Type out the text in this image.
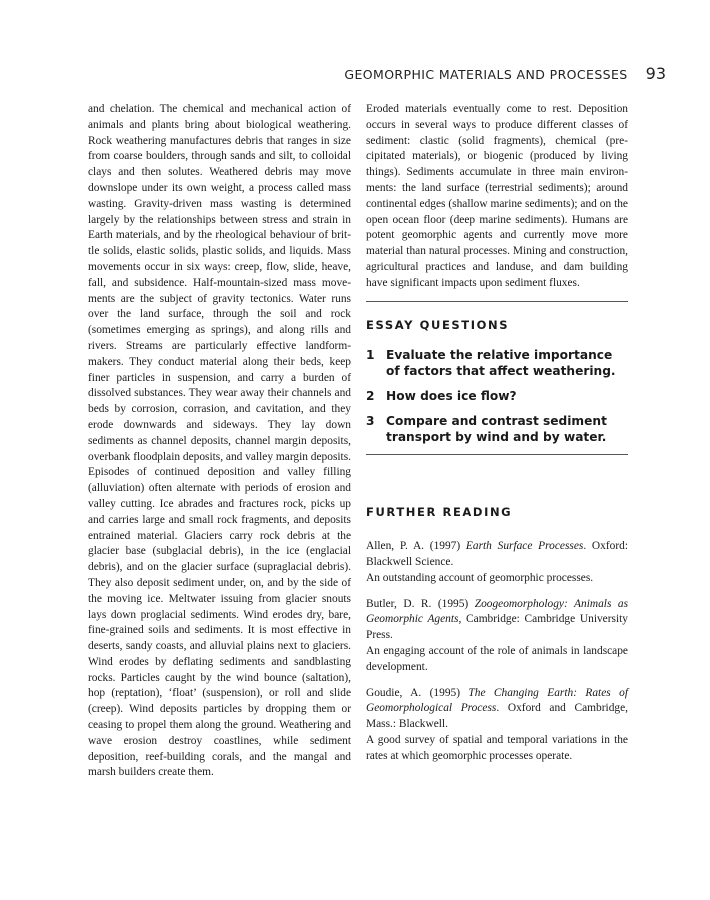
GEOMORPHIC MATERIALS AND PROCESSES 93

and chelation. The chemical and mechanical action of animals and plants bring about biological weathering. Rock weathering manufactures debris that ranges in size from coarse boulders, through sands and silt, to colloidal clays and then solutes. Weathered debris may move downslope under its own weight, a process called mass wasting. Gravity-driven mass wasting is determined largely by the relationships between stress and strain in Earth materials, and by the rheological behaviour of brittle solids, elastic solids, plastic solids, and liquids. Mass movements occur in six ways: creep, flow, slide, heave, fall, and subsidence. Half-mountain-sized mass movements are the subject of gravity tectonics. Water runs over the land surface, through the soil and rock (sometimes emerging as springs), and along rills and rivers. Streams are particularly effective landform-makers. They conduct material along their beds, keep finer particles in suspension, and carry a burden of dissolved substances. They wear away their channels and beds by corrosion, corrasion, and cavitation, and they erode downwards and sideways. They lay down sediments as channel deposits, channel margin deposits, overbank floodplain deposits, and valley margin deposits. Episodes of continued deposition and valley filling (alluviation) often alternate with periods of erosion and valley cutting. Ice abrades and fractures rock, picks up and carries large and small rock fragments, and deposits entrained material. Glaciers carry rock debris at the glacier base (subglacial debris), in the ice (englacial debris), and on the glacier surface (supraglacial debris). They also deposit sediment under, on, and by the side of the moving ice. Meltwater issuing from glacier snouts lays down proglacial sediments. Wind erodes dry, bare, fine-grained soils and sediments. It is most effective in deserts, sandy coasts, and alluvial plains next to glaciers. Wind erodes by deflating sediments and sandblasting rocks. Particles caught by the wind bounce (saltation), hop (reptation), ‘float’ (suspension), or roll and slide (creep). Wind deposits particles by dropping them or ceasing to propel them along the ground. Weathering and wave erosion destroy coastlines, while sediment deposition, reef-building corals, and the mangal and marsh builders create them.

Eroded materials eventually come to rest. Deposition occurs in several ways to produce different classes of sediment: clastic (solid fragments), chemical (precipitated materials), or biogenic (produced by living things). Sediments accumulate in three main environments: the land surface (terrestrial sediments); around continental edges (shallow marine sediments); and on the open ocean floor (deep marine sediments). Humans are potent geomorphic agents and currently move more material than natural processes. Mining and construction, agricultural practices and landuse, and dam building have significant impacts upon sediment fluxes.

ESSAY QUESTIONS
1 Evaluate the relative importance of factors that affect weathering.
2 How does ice flow?
3 Compare and contrast sediment transport by wind and by water.
FURTHER READING

Allen, P. A. (1997) Earth Surface Processes. Oxford: Blackwell Science.

An outstanding account of geomorphic processes.

Butler, D. R. (1995) Zoogeomorphology: Animals as Geomorphic Agents, Cambridge: Cambridge University Press.

An engaging account of the role of animals in landscape development.

Goudie, A. (1995) The Changing Earth: Rates of Geomorphological Process. Oxford and Cambridge, Mass.: Blackwell.

A good survey of spatial and temporal variations in the rates at which geomorphic processes operate.
